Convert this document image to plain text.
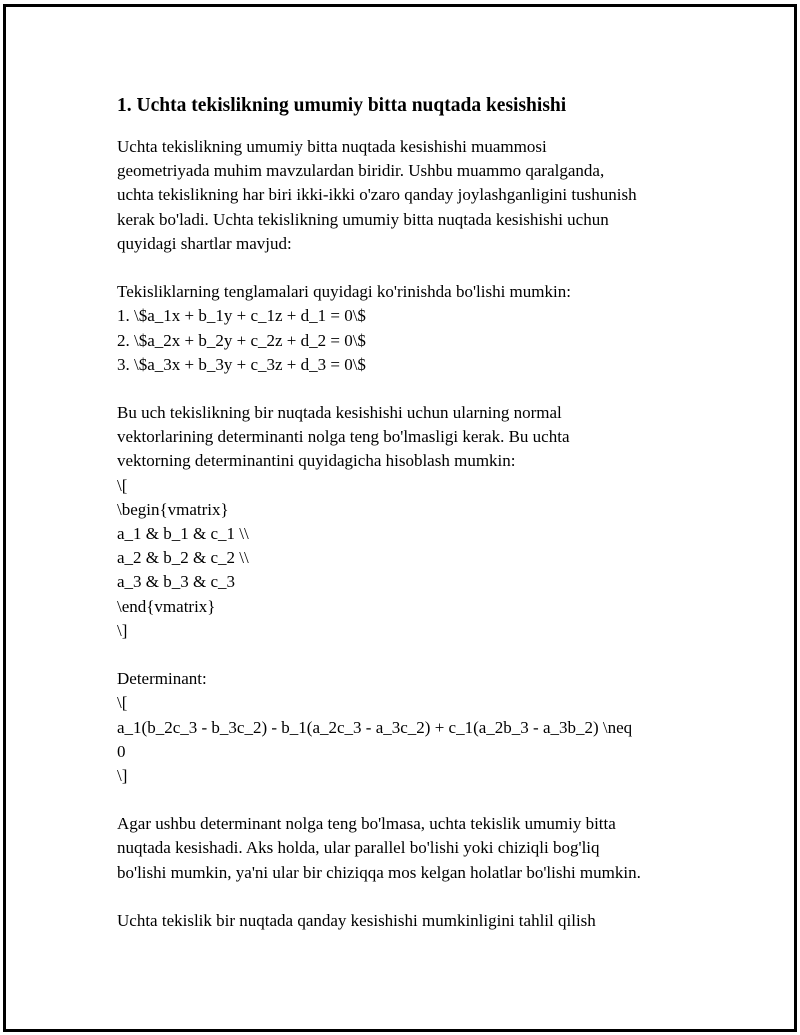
1. Uchta tekislikning umumiy bitta nuqtada kesishishi
Uchta tekislikning umumiy bitta nuqtada kesishishi muammosi
geometriyada muhim mavzulardan biridir. Ushbu muammo qaralganda,
uchta tekislikning har biri ikki-ikki o'zaro qanday joylashganligini tushunish
kerak bo'ladi. Uchta tekislikning umumiy bitta nuqtada kesishishi uchun
quyidagi shartlar mavjud:
Tekisliklarning tenglamalari quyidagi ko'rinishda bo'lishi mumkin:
1. \$a_1x + b_1y + c_1z + d_1 = 0\$
2. \$a_2x + b_2y + c_2z + d_2 = 0\$
3. \$a_3x + b_3y + c_3z + d_3 = 0\$
Bu uch tekislikning bir nuqtada kesishishi uchun ularning normal
vektorlarining determinanti nolga teng bo'lmasligi kerak. Bu uchta
vektorning determinantini quyidagicha hisoblash mumkin:
\[
\begin{vmatrix}
a_1 & b_1 & c_1 \\
a_2 & b_2 & c_2 \\
a_3 & b_3 & c_3
\end{vmatrix}
\]
Determinant:
\[
a_1(b_2c_3 - b_3c_2) - b_1(a_2c_3 - a_3c_2) + c_1(a_2b_3 - a_3b_2) \neq
0
\]
Agar ushbu determinant nolga teng bo'lmasa, uchta tekislik umumiy bitta
nuqtada kesishadi. Aks holda, ular parallel bo'lishi yoki chiziqli bog'liq
bo'lishi mumkin, ya'ni ular bir chiziqqa mos kelgan holatlar bo'lishi mumkin.
Uchta tekislik bir nuqtada qanday kesishishi mumkinligini tahlil qilish
